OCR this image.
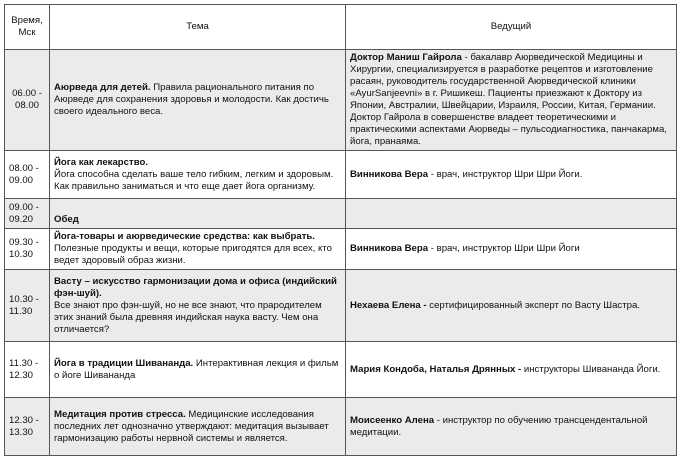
Время,
Мск	Тема	Ведущий
06.00 -
08.00	Аюрведа для детей. Правила рационального питания по Аюрведе для сохранения здоровья и молодости. Как достичь своего идеального веса.	Доктор Маниш Гайрола - бакалавр Аюрведической Медицины и Хирургии, специализируется в разработке рецептов и изготовление расаян, руководитель государственной Аюрведической клиники «AyurSanjeevni» в г. Ришикеш. Пациенты приезжают к Доктору из Японии, Австралии, Швейцарии, Израиля, России, Китая, Германии. Доктор Гайрола в совершенстве владеет теоретическими и практическими аспектами Аюрведы – пульсодиагностика, панчакарма, йога, пранаяма.
08.00 -
09.00	Йога как лекарство.
Йога способна сделать ваше тело гибким, легким и здоровым. Как правильно заниматься и что еще дает йога организму.	Винникова Вера - врач, инструктор Шри Шри Йоги.
09.00 -
09.20	Обед	
09.30 -
10.30	Йога-товары и аюрведические средства: как выбрать.
Полезные продукты и вещи, которые пригодятся для всех, кто ведет здоровый образ жизни.	Винникова Вера - врач, инструктор Шри Шри Йоги
10.30 -
11.30	Васту – искусство гармонизации дома и офиса (индийский фэн-шуй).
Все знают про фэн-шуй, но не все знают, что прародителем этих знаний была древняя индийская наука васту. Чем она отличается?	Нехаева Елена - сертифицированный эксперт по Васту Шастра.
11.30 -
12.30	Йога в традиции Шивананда. Интерактивная лекция и фильм о йоге Шивананда	Мария Кондоба, Наталья Дрянных - инструкторы Шивананда Йоги.
12.30 -
13.30	Медитация против стресса. Медицинские исследования последних лет однозначно утверждают: медитация вызывает гармонизацию работы нервной системы и является.	Моисеенко Алена - инструктор по обучению трансцендентальной медитации.
